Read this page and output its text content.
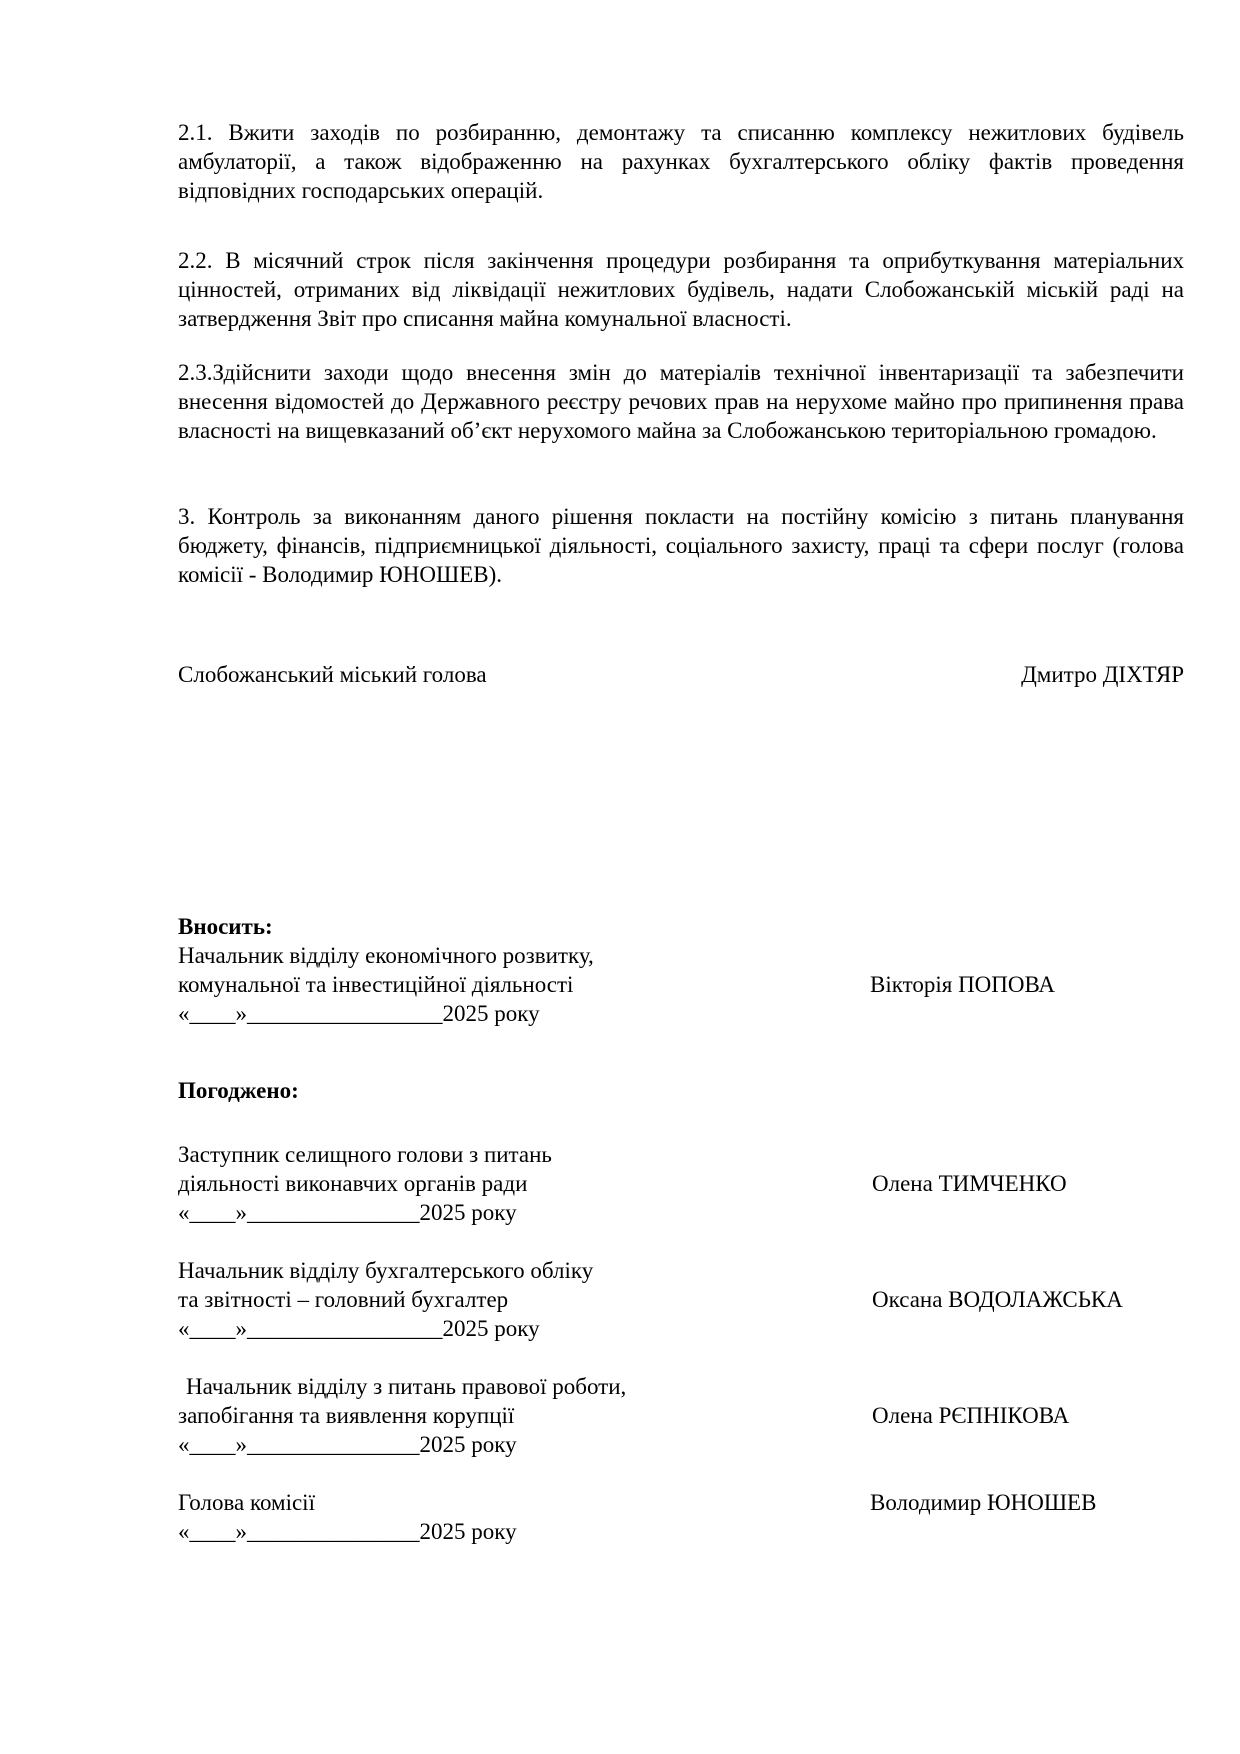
2.1. Вжити заходів по розбиранню, демонтажу та списанню комплексу нежитлових будівель амбулаторії, а також відображенню на рахунках бухгалтерського обліку фактів проведення відповідних господарських операцій.

2.2. В місячний строк після закінчення процедури розбирання та оприбуткування матеріальних цінностей, отриманих від ліквідації нежитлових будівель, надати Слобожанській міській раді на затвердження Звіт про списання майна комунальної власності.

2.3.Здійснити заходи щодо внесення змін до матеріалів технічної інвентаризації та забезпечити внесення відомостей до Державного реєстру речових прав на нерухоме майно про припинення права власності на вищевказаний об’єкт нерухомого майна за Слобожанською територіальною громадою.

3. Контроль за виконанням даного рішення покласти на постійну комісію з питань планування бюджету, фінансів, підприємницької діяльності, соціального захисту, праці та сфери послуг (голова комісії - Володимир ЮНОШЕВ).

Слобожанський міський голова	Дмитро ДІХТЯР
Вносить:
Начальник відділу економічного розвитку,
комунальної та інвестиційної діяльності
«____»_________________2025 року
Вікторія ПОПОВА
Погоджено:
Заступник селищного голови з питань
діяльності виконавчих органів ради
«____»_______________2025 року
Олена ТИМЧЕНКО
Начальник відділу бухгалтерського обліку
та звітності – головний бухгалтер
«____»_________________2025 року
Оксана ВОДОЛАЖСЬКА
Начальник відділу з питань правової роботи,
запобігання та виявлення корупції
«____»_______________2025 року
Олена РЄПНІКОВА
Голова комісії
«____»_______________2025 року
Володимир ЮНОШЕВ
